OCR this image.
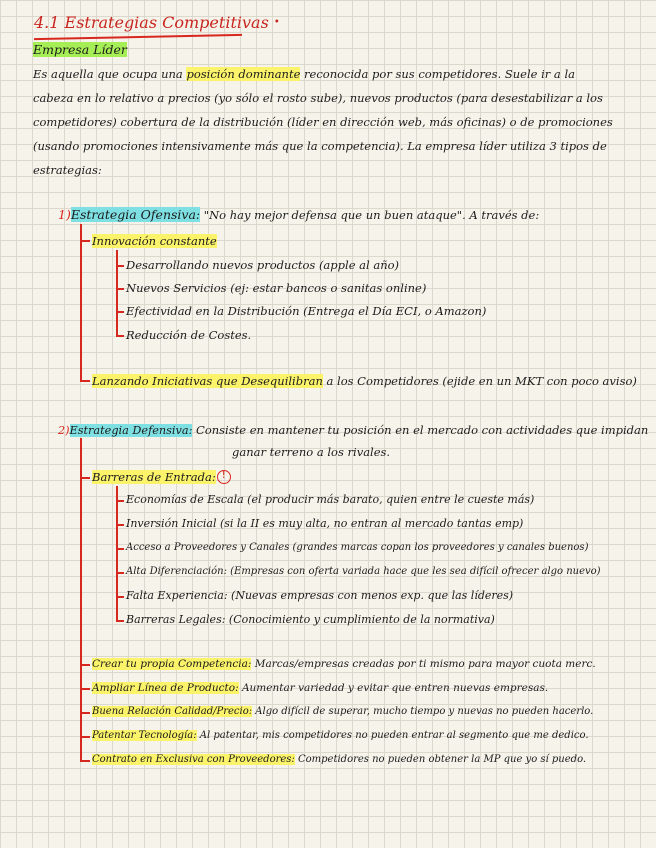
4.1 Estrategias Competitivas •
Empresa Líder
Es aquella que ocupa una posición dominante reconocida por sus competidores. Suele ir a la
cabeza en lo relativo a precios (yo sólo el rosto sube), nuevos productos (para desestabilizar a los
competidores) cobertura de la distribución (líder en dirección web, más oficinas) o de promociones
(usando promociones intensivamente más que la competencia). La empresa líder utiliza 3 tipos de
estrategias:
1)Estrategia Ofensiva: "No hay mejor defensa que un buen ataque". A través de:
Innovación constante
Desarrollando nuevos productos (apple al año)
Nuevos Servicios (ej: estar bancos o sanitas online)
Efectividad en la Distribución (Entrega el Día ECI, o Amazon)
Reducción de Costes.
Lanzando Iniciativas que Desequilibran a los Competidores (ejide en un MKT con poco aviso)
2)Estrategia Defensiva: Consiste en mantener tu posición en el mercado con actividades que impidan
ganar terreno a los rivales.
Barreras de Entrada:
!
Economías de Escala (el producir más barato, quien entre le cueste más)
Inversión Inicial (si la II es muy alta, no entran al mercado tantas emp)
Acceso a Proveedores y Canales (grandes marcas copan los proveedores y canales buenos)
Alta Diferenciación: (Empresas con oferta variada hace que les sea difícil ofrecer algo nuevo)
Falta Experiencia: (Nuevas empresas con menos exp. que las líderes)
Barreras Legales: (Conocimiento y cumplimiento de la normativa)
Crear tu propia Competencia: Marcas/empresas creadas por ti mismo para mayor cuota merc.
Ampliar Línea de Producto: Aumentar variedad y evitar que entren nuevas empresas.
Buena Relación Calidad/Precio: Algo difícil de superar, mucho tiempo y nuevas no pueden hacerlo.
Patentar Tecnología: Al patentar, mis competidores no pueden entrar al segmento que me dedico.
Contrato en Exclusiva con Proveedores: Competidores no pueden obtener la MP que yo sí puedo.
